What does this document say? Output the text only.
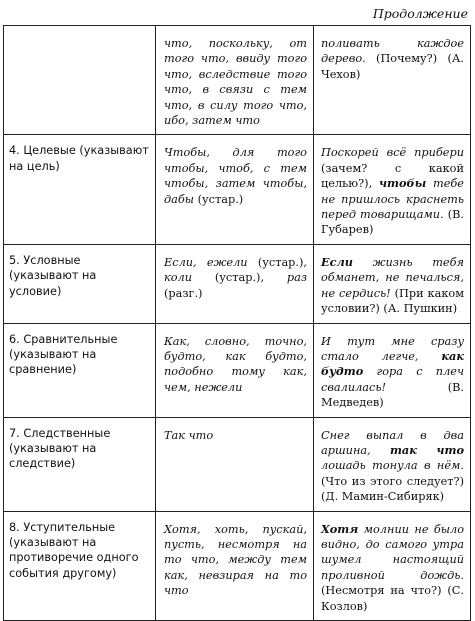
Продолжение
	что, поскольку, от того что, ввиду того что, вследствие того что, в связи с тем что, в силу того что, ибо, затем что	поливать каждое дерево. (Почему?) (А. Чехов)
4. Целевые (указывают на цель)	Чтобы, для того чтобы, чтоб, с тем чтобы, затем чтобы, дабы (устар.)	Поскорей всё прибери (зачем? с какой целью?), чтобы тебе не пришлось краснеть перед товарищами. (В. Губарев)
5. Условные (указывают на условие)	Если, ежели (устар.), коли (устар.), раз (разг.)	Если жизнь тебя обманет, не печалься, не сердись! (При каком условии?) (А. Пушкин)
6. Сравнительные (указывают на сравнение)	Как, словно, точно, будто, как будто, подобно тому как, чем, нежели	И тут мне сразу стало легче, как будто гора с плеч свалилась! (В. Медведев)
7. Следственные (указывают на следствие)	Так что	Снег выпал в два аршина, так что лошадь тонула в нём. (Что из этого следует?) (Д. Мамин-Сибиряк)
8. Уступительные (указывают на противоречие одного события другому)	Хотя, хоть, пускай, пусть, несмотря на то что, между тем как, невзирая на то что	Хотя молнии не было видно, до самого утра шумел настоящий проливной дождь. (Несмотря на что?) (С. Козлов)
